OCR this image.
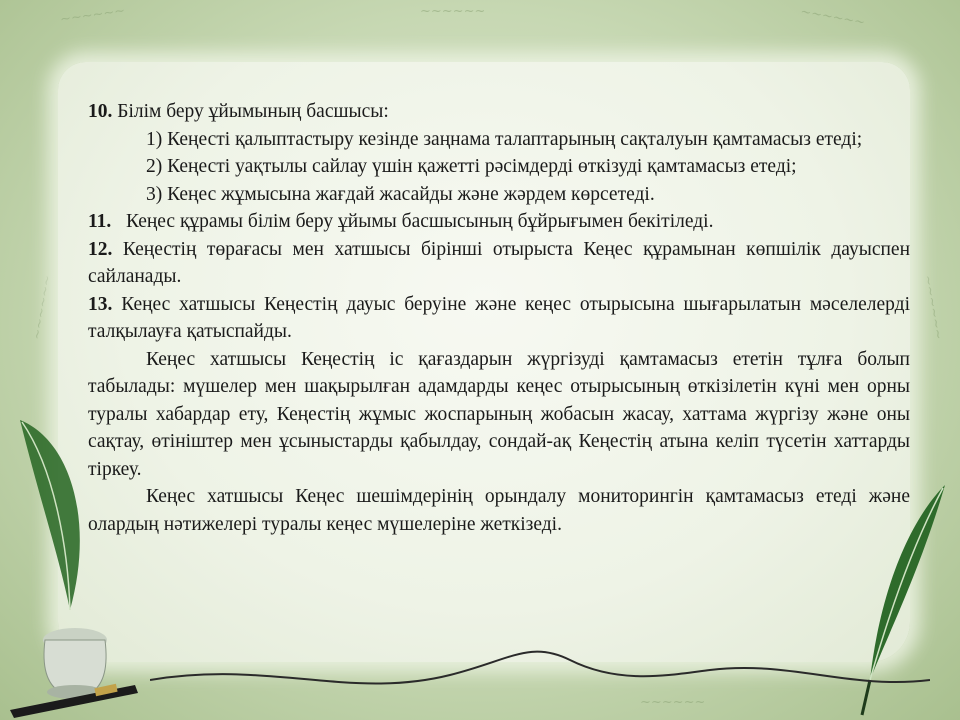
~~~~~~	~~~~~~	~~~~~~
~~~~~~	~~~~~~
~~~~~~

10. Білім беру ұйымының басшысы:

1) Кеңесті қалыптастыру кезінде заңнама талаптарының сақталуын қамтамасыз етеді;

2) Кеңесті уақтылы сайлау үшін қажетті рәсімдерді өткізуді қамтамасыз етеді;

3) Кеңес жұмысына жағдай жасайды және жәрдем көрсетеді.

11. Кеңес құрамы білім беру ұйымы басшысының бұйрығымен бекітіледі.

12. Кеңестің төрағасы мен хатшысы бірінші отырыста Кеңес құрамынан көпшілік дауыспен сайланады.

13. Кеңес хатшысы Кеңестің дауыс беруіне және кеңес отырысына шығарылатын мәселелерді талқылауға қатыспайды.

Кеңес хатшысы Кеңестің іс қағаздарын жүргізуді қамтамасыз ететін тұлға болып табылады: мүшелер мен шақырылған адамдарды кеңес отырысының өткізілетін күні мен орны туралы хабардар ету, Кеңестің жұмыс жоспарының жобасын жасау, хаттама жүргізу және оны сақтау, өтініштер мен ұсыныстарды қабылдау, сондай-ақ Кеңестің атына келіп түсетін хаттарды тіркеу.

Кеңес хатшысы Кеңес шешімдерінің орындалу мониторингін қамтамасыз етеді және олардың нәтижелері туралы кеңес мүшелеріне жеткізеді.
